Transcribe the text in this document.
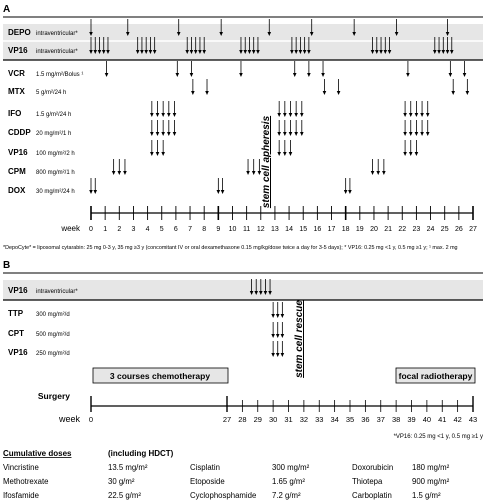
A
DEPO intraventricular*
VP16 intraventricular*
VCR 1.5 mg/m²/Bolus ¹
MTX 5 g/m²/24 h
IFO 1.5 g/m²/24 h
CDDP 20 mg/m²/1 h
VP16 100 mg/m²/2 h
CPM 800 mg/m²/1 h
DOX 30 mg/m²/24 h	stem cell apheresis
0 1 2 3 4 5 6 7 8 9 10 11 12 13 14 15 16 17 18 19 20 21 22 23 24 25 26 27
week
*DepoCyte* = liposomal cytarabin: 25 mg 0-3 y, 35 mg ≥3 y (concomitant IV or oral dexamethasone 0.15 mg/kg/dose twice a day for 3-5 days); * VP16: 0.25 mg <1 y, 0.5 mg ≥1 y; ¹ max. 2 mg
B
VP16 intraventricular*
TTP 300 mg/m²/d
CPT 500 mg/m²/d
VP16 250 mg/m²/d	stem cell rescue
3 courses chemotherapy	focal radiotherapy
Surgery
0	27 28 29 30 31 32 33 34 35 36 37 38 39 40 41 42 43
week
*VP16: 0.25 mg <1 y, 0.5 mg ≥1 y
Cumulative doses	(including HDCT)
Vincristine	13.5 mg/m²	Cisplatin	300 mg/m²	Doxorubicin 180 mg/m²
Methotrexate	30 g/m²	Etoposide	1.65 g/m²	Thiotepa	900 mg/m²
Ifosfamide	22.5 g/m²	Cyclophosphamide 7.2 g/m²	Carboplatin	1.5 g/m²
